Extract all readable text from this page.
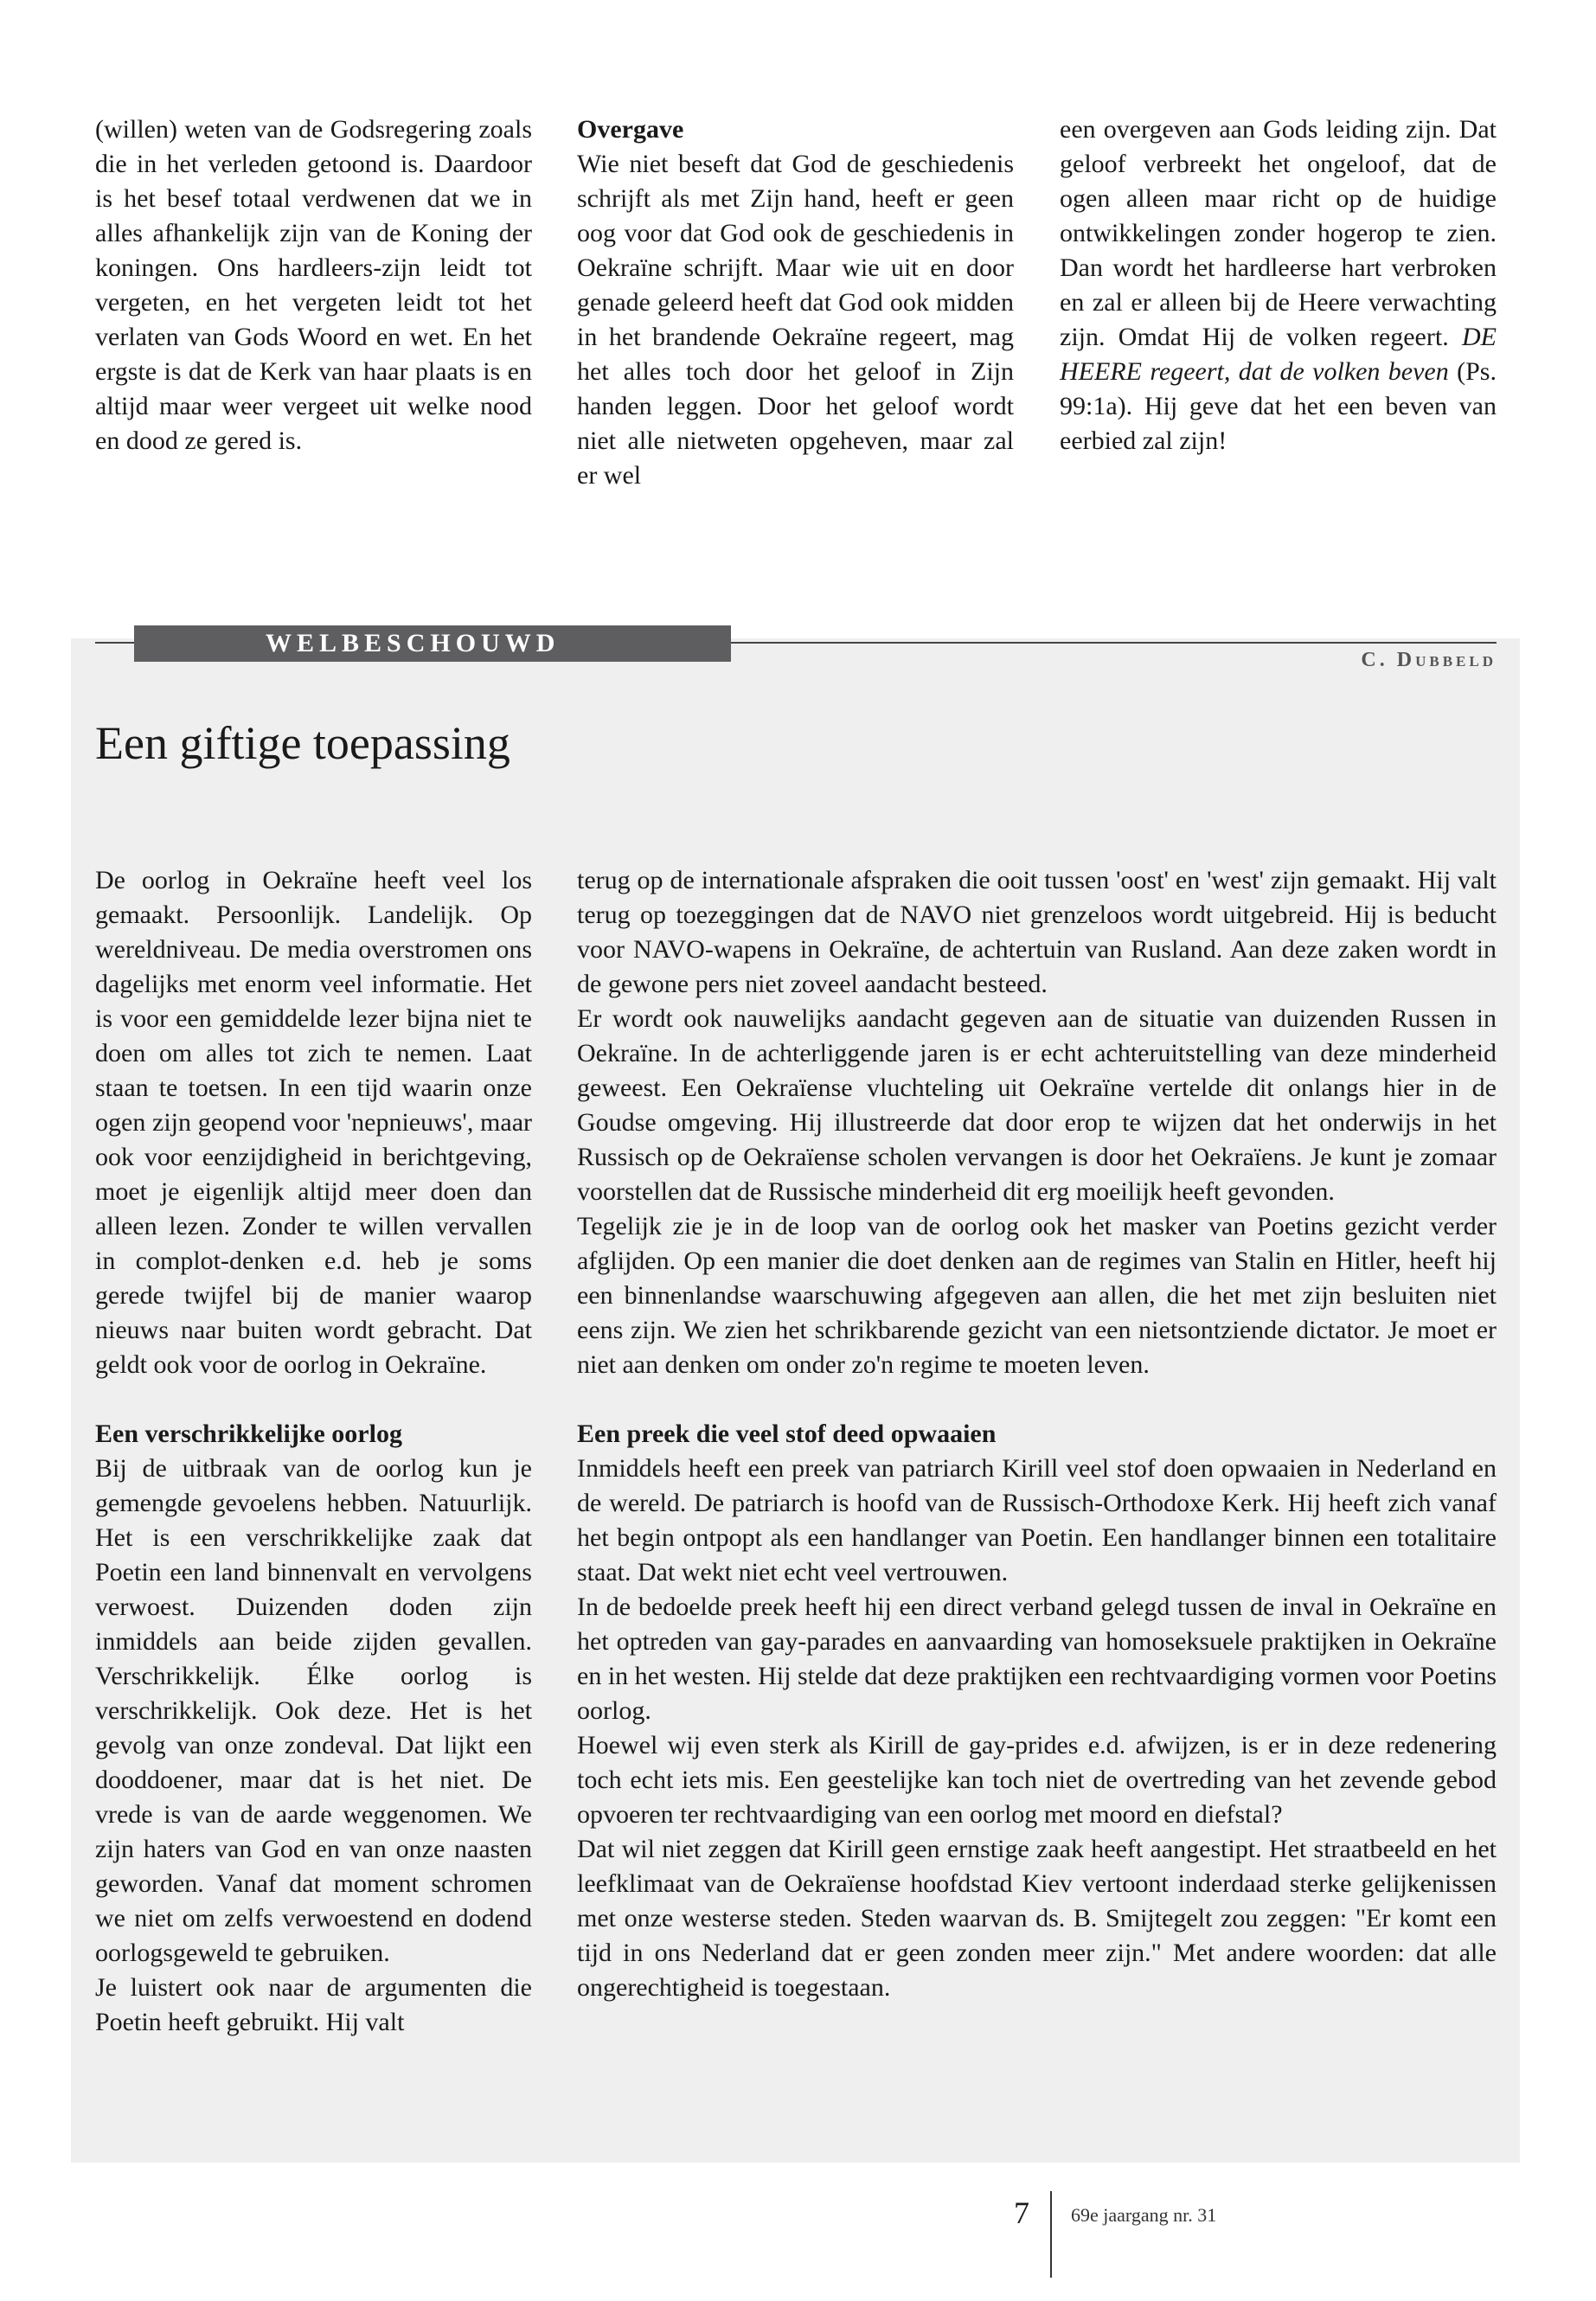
(willen) weten van de Godsregering zoals die in het verleden getoond is. Daardoor is het besef totaal verdwenen dat we in alles afhankelijk zijn van de Koning der koningen. Ons hardleers-zijn leidt tot vergeten, en het vergeten leidt tot het verlaten van Gods Woord en wet. En het ergste is dat de Kerk van haar plaats is en altijd maar weer vergeet uit welke nood en dood ze gered is.

Overgave

Wie niet beseft dat God de geschiedenis schrijft als met Zijn hand, heeft er geen oog voor dat God ook de geschiedenis in Oekraïne schrijft. Maar wie uit en door genade geleerd heeft dat God ook midden in het brandende Oekraïne regeert, mag het alles toch door het geloof in Zijn handen leggen. Door het geloof wordt niet alle nietweten opgeheven, maar zal er wel

een overgeven aan Gods leiding zijn. Dat geloof verbreekt het ongeloof, dat de ogen alleen maar richt op de huidige ontwikkelingen zonder hogerop te zien. Dan wordt het hardleerse hart verbroken en zal er alleen bij de Heere verwachting zijn. Omdat Hij de volken regeert. DE HEERE regeert, dat de volken beven (Ps. 99:1a). Hij geve dat het een beven van eerbied zal zijn!

WELBESCHOUWD
C. Dubbeld
Een giftige toepassing

De oorlog in Oekraïne heeft veel los gemaakt. Persoonlijk. Landelijk. Op wereldniveau. De media overstromen ons dagelijks met enorm veel informatie. Het is voor een gemiddelde lezer bijna niet te doen om alles tot zich te nemen. Laat staan te toetsen. In een tijd waarin onze ogen zijn geopend voor 'nepnieuws', maar ook voor eenzijdigheid in berichtgeving, moet je eigenlijk altijd meer doen dan alleen lezen. Zonder te willen vervallen in complot-denken e.d. heb je soms gerede twijfel bij de manier waarop nieuws naar buiten wordt gebracht. Dat geldt ook voor de oorlog in Oekraïne.

Een verschrikkelijke oorlog

Bij de uitbraak van de oorlog kun je gemengde gevoelens hebben. Natuurlijk. Het is een verschrikkelijke zaak dat Poetin een land binnenvalt en vervolgens verwoest. Duizenden doden zijn inmiddels aan beide zijden gevallen. Verschrikkelijk. Élke oorlog is verschrikkelijk. Ook deze. Het is het gevolg van onze zondeval. Dat lijkt een dooddoener, maar dat is het niet. De vrede is van de aarde weggenomen. We zijn haters van God en van onze naasten geworden. Vanaf dat moment schromen we niet om zelfs verwoestend en dodend oorlogsgeweld te gebruiken.

Je luistert ook naar de argumenten die Poetin heeft gebruikt. Hij valt

terug op de internationale afspraken die ooit tussen 'oost' en 'west' zijn gemaakt. Hij valt terug op toezeggingen dat de NAVO niet grenzeloos wordt uitgebreid. Hij is beducht voor NAVO-wapens in Oekraïne, de achtertuin van Rusland. Aan deze zaken wordt in de gewone pers niet zoveel aandacht besteed.

Er wordt ook nauwelijks aandacht gegeven aan de situatie van duizenden Russen in Oekraïne. In de achterliggende jaren is er echt achteruitstelling van deze minderheid geweest. Een Oekraïense vluchteling uit Oekraïne vertelde dit onlangs hier in de Goudse omgeving. Hij illustreerde dat door erop te wijzen dat het onderwijs in het Russisch op de Oekraïense scholen vervangen is door het Oekraïens. Je kunt je zomaar voorstellen dat de Russische minderheid dit erg moeilijk heeft gevonden.

Tegelijk zie je in de loop van de oorlog ook het masker van Poetins gezicht verder afglijden. Op een manier die doet denken aan de regimes van Stalin en Hitler, heeft hij een binnenlandse waarschuwing afgegeven aan allen, die het met zijn besluiten niet eens zijn. We zien het schrikbarende gezicht van een nietsontziende dictator. Je moet er niet aan denken om onder zo'n regime te moeten leven.

Een preek die veel stof deed opwaaien

Inmiddels heeft een preek van patriarch Kirill veel stof doen opwaaien in Nederland en de wereld. De patriarch is hoofd van de Russisch-Orthodoxe Kerk. Hij heeft zich vanaf het begin ontpopt als een handlanger van Poetin. Een handlanger binnen een totalitaire staat. Dat wekt niet echt veel vertrouwen.

In de bedoelde preek heeft hij een direct verband gelegd tussen de inval in Oekraïne en het optreden van gay-parades en aanvaarding van homoseksuele praktijken in Oekraïne en in het westen. Hij stelde dat deze praktijken een rechtvaardiging vormen voor Poetins oorlog.

Hoewel wij even sterk als Kirill de gay-prides e.d. afwijzen, is er in deze redenering toch echt iets mis. Een geestelijke kan toch niet de overtreding van het zevende gebod opvoeren ter rechtvaardiging van een oorlog met moord en diefstal?

Dat wil niet zeggen dat Kirill geen ernstige zaak heeft aangestipt. Het straatbeeld en het leefklimaat van de Oekraïense hoofdstad Kiev vertoont inderdaad sterke gelijkenissen met onze westerse steden. Steden waarvan ds. B. Smijtegelt zou zeggen: "Er komt een tijd in ons Nederland dat er geen zonden meer zijn." Met andere woorden: dat alle ongerechtigheid is toegestaan.

7 69e jaargang nr. 31
